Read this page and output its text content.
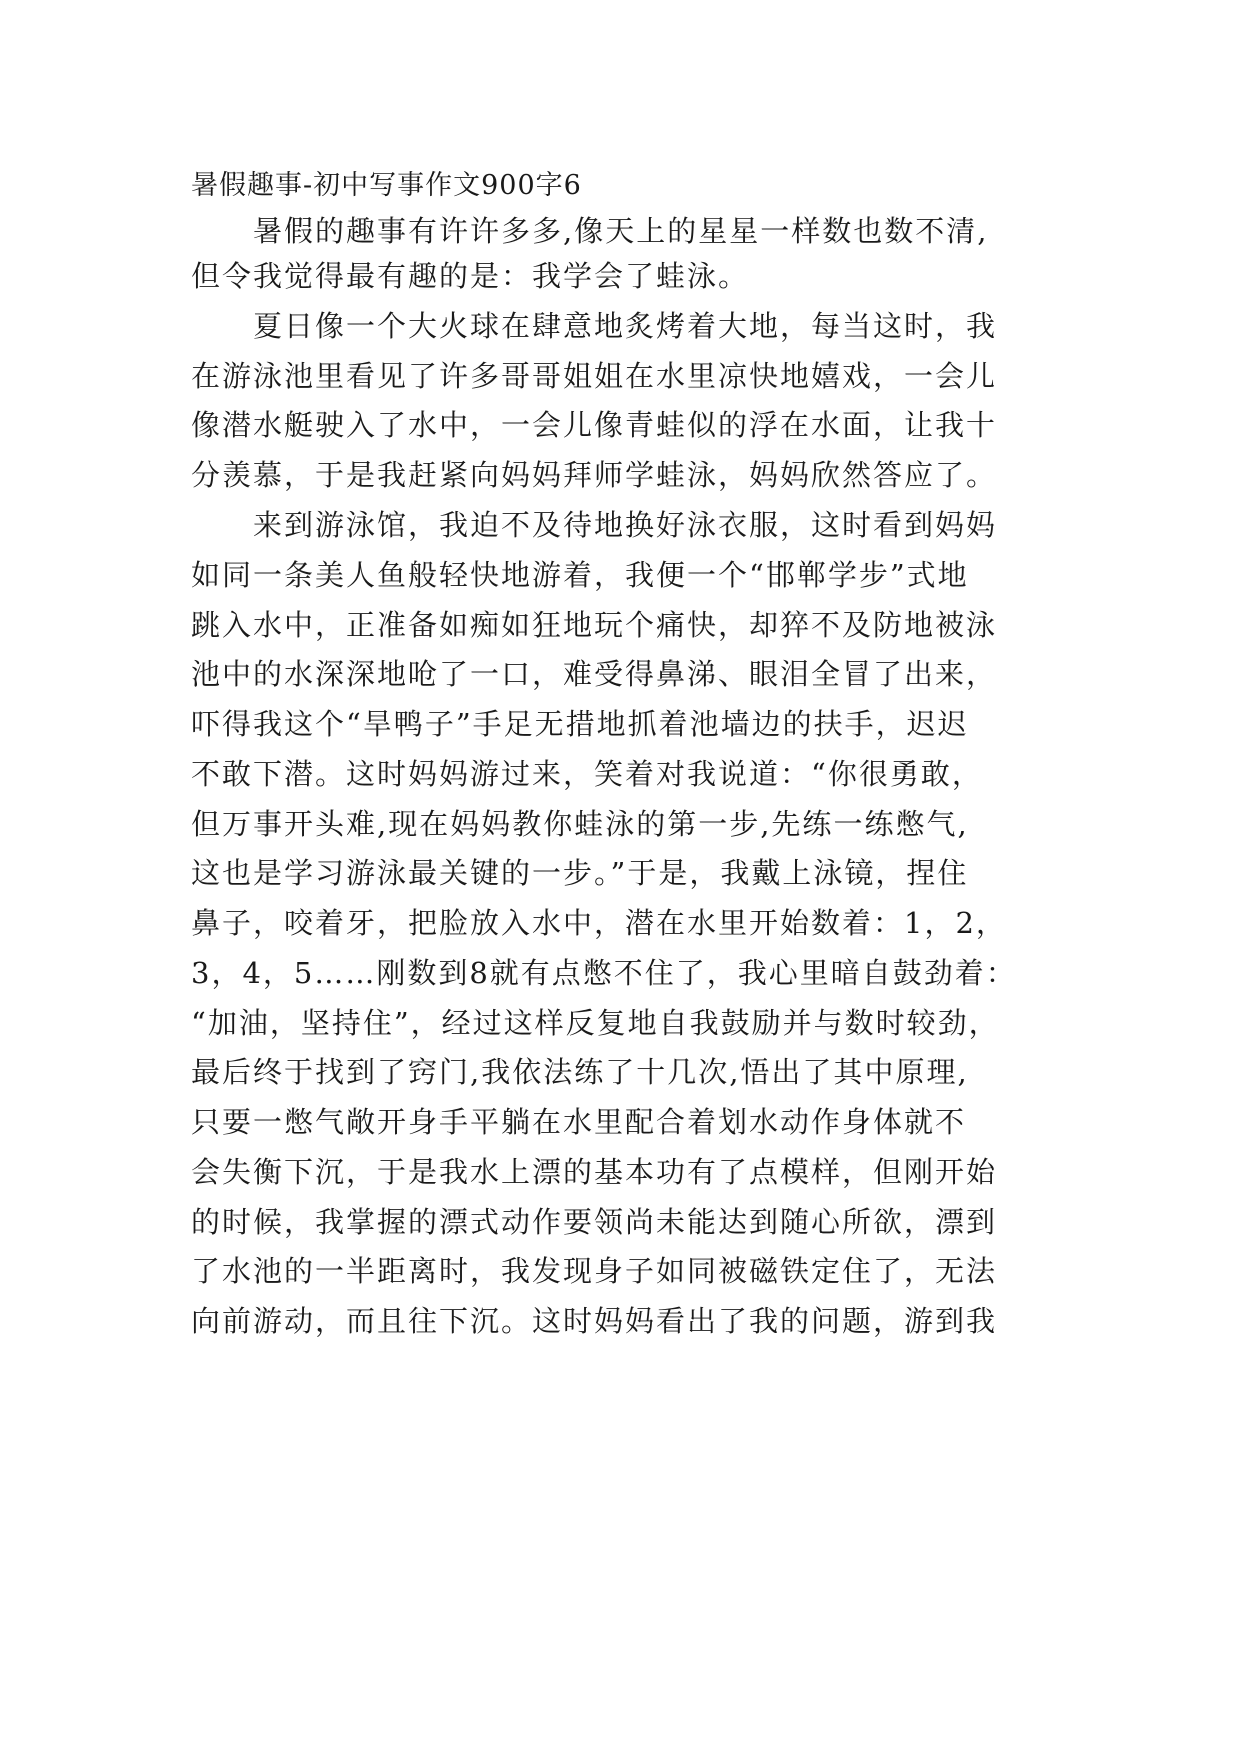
暑假趣事-初中写事作文900字6
　　暑假的趣事有许许多多,像天上的星星一样数也数不清,
但令我觉得最有趣的是：我学会了蛙泳。
　　夏日像一个大火球在肆意地炙烤着大地，每当这时，我
在游泳池里看见了许多哥哥姐姐在水里凉快地嬉戏，一会儿
像潜水艇驶入了水中，一会儿像青蛙似的浮在水面，让我十
分羡慕，于是我赶紧向妈妈拜师学蛙泳，妈妈欣然答应了。
　　来到游泳馆，我迫不及待地换好泳衣服，这时看到妈妈
如同一条美人鱼般轻快地游着，我便一个“邯郸学步”式地
跳入水中，正准备如痴如狂地玩个痛快，却猝不及防地被泳
池中的水深深地呛了一口，难受得鼻涕、眼泪全冒了出来，
吓得我这个“旱鸭子”手足无措地抓着池墙边的扶手，迟迟
不敢下潜。这时妈妈游过来，笑着对我说道：“你很勇敢，
但万事开头难,现在妈妈教你蛙泳的第一步,先练一练憋气,
这也是学习游泳最关键的一步。”于是，我戴上泳镜，捏住
鼻子，咬着牙，把脸放入水中，潜在水里开始数着：1，2，
3，4，5……刚数到8就有点憋不住了，我心里暗自鼓劲着：
“加油，坚持住”，经过这样反复地自我鼓励并与数时较劲，
最后终于找到了窍门,我依法练了十几次,悟出了其中原理,
只要一憋气敞开身手平躺在水里配合着划水动作身体就不
会失衡下沉，于是我水上漂的基本功有了点模样，但刚开始
的时候，我掌握的漂式动作要领尚未能达到随心所欲，漂到
了水池的一半距离时，我发现身子如同被磁铁定住了，无法
向前游动，而且往下沉。这时妈妈看出了我的问题，游到我
